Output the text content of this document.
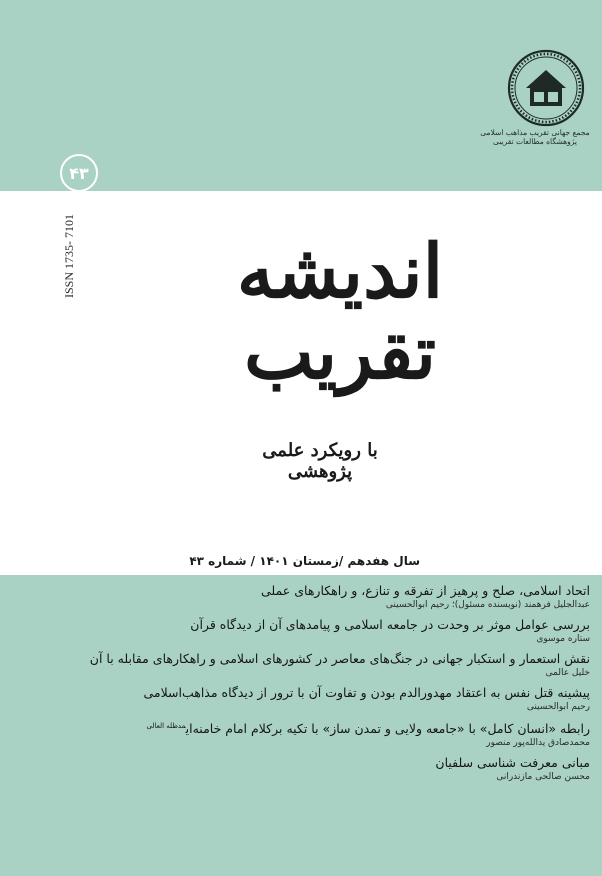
مجمع جهانی تقریب مذاهب اسلامی
پژوهشگاه مطالعات تقریبی
۴۳
ISSN 1735- 7101	اندیشه تقریب
با رویکرد علمی پژوهشی
سال هفدهم /زمستان ۱۴۰۱ / شماره ۴۳
اتحاد اسلامی، صلح و پرهیز از تفرقه و تنازع، و راهکارهای عملی
عبدالجلیل فرهمند (نویسنده مسئول)؛ رحیم ابوالحسینی
بررسی عوامل موثر بر وحدت در جامعه اسلامی و پیامدهای آن از دیدگاه قرآن
ستاره موسوی
نقش استعمار و استکبار جهانی در جنگ‌های معاصر در کشورهای اسلامی و راهکارهای مقابله با آن
خلیل عالمی
پیشینه قتل نفس به اعتقاد مهدورالدم بودن و تفاوت آن با ترور از دیدگاه مذاهب‌اسلامی
رحیم ابوالحسینی
رابطه «انسان کامل» با «جامعه ولایی و تمدن ساز» با تکیه برکلام امام خامنه‌ای$^{مدظله العالی}$
محمدصادق یدالله‌پور منصور
مبانی معرفت شناسی سلفیان
محسن صالحی مازندرانی
